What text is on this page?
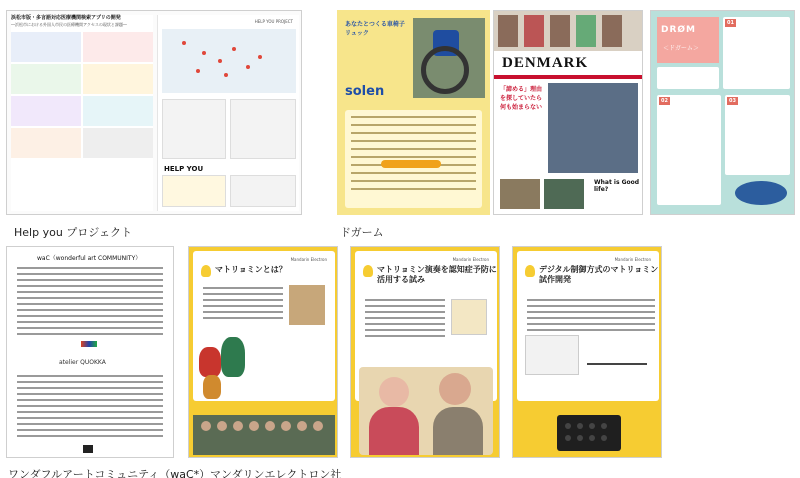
浜松市版・多言語対応医療機関検索アプリの開発
―浜松市における外国人市民の医療機関アクセスの現状と課題―
HELP YOU PROJECT
HELP YOU
Help you プロジェクト
あなたとつくる車椅子リュック
solen
DENMARK
「諦める」理由を探していたら何も始まらない
What is Good life?
ドガーム
DRØM
＜ドガーム＞
01
02	03
waC（wonderful art COMMUNITY）
atelier QUOKKA
ワンダフルアートコミュニティ（waC*）
Mandarin Electron
マトリョミンとは？
Mandarin Electron
マトリョミン演奏を認知症予防に活用する試み
Mandarin Electron
デジタル制御方式のマトリョミン試作開発
マンダリンエレクトロン社
